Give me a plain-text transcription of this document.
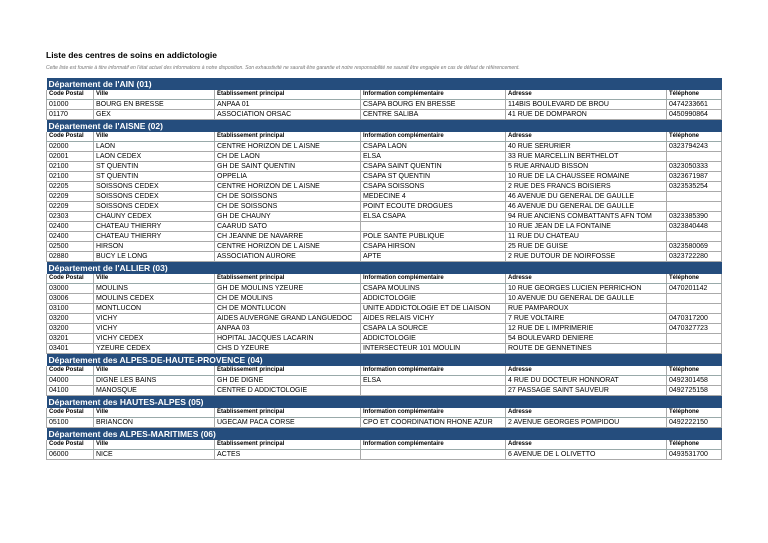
Liste des centres de soins en addictologie
Cette liste est fournie à titre informatif en l'état actuel des informations à notre disposition. Son exhaustivité ne saurait être garantie et notre responsabilité ne saurait être engagée en cas de défaut de référencement.
Département de l'AIN (01)					
Code Postal	Ville	Établissement principal	Information complémentaire	Adresse	Téléphone
01000	BOURG EN BRESSE	ANPAA 01	CSAPA BOURG EN BRESSE	114BIS BOULEVARD DE BROU	0474233661
01170	GEX	ASSOCIATION ORSAC	CENTRE SALIBA	41 RUE DE DOMPARON	0450990864
Département de l'AISNE (02)					
Code Postal	Ville	Établissement principal	Information complémentaire	Adresse	Téléphone
02000	LAON	CENTRE HORIZON DE L AISNE	CSAPA LAON	40 RUE SERURIER	0323794243
02001	LAON CEDEX	CH DE LAON	ELSA	33 RUE MARCELLIN BERTHELOT	
02100	ST QUENTIN	GH DE SAINT QUENTIN	CSAPA SAINT QUENTIN	5 RUE ARNAUD BISSON	0323050333
02100	ST QUENTIN	OPPELIA	CSAPA ST QUENTIN	10 RUE DE LA CHAUSSEE ROMAINE	0323671987
02205	SOISSONS CEDEX	CENTRE HORIZON DE L AISNE	CSAPA SOISSONS	2 RUE DES FRANCS BOISIERS	0323535254
02209	SOISSONS CEDEX	CH DE SOISSONS	MEDECINE 4	46 AVENUE DU GENERAL DE GAULLE	
02209	SOISSONS CEDEX	CH DE SOISSONS	POINT ECOUTE DROGUES	46 AVENUE DU GENERAL DE GAULLE	
02303	CHAUNY CEDEX	GH DE CHAUNY	ELSA CSAPA	94 RUE ANCIENS COMBATTANTS AFN TOM	0323385390
02400	CHATEAU THIERRY	CAARUD SATO		10 RUE JEAN DE LA FONTAINE	0323840448
02400	CHATEAU THIERRY	CH JEANNE DE NAVARRE	POLE SANTE PUBLIQUE	11 RUE DU CHATEAU	
02500	HIRSON	CENTRE HORIZON DE L AISNE	CSAPA HIRSON	25 RUE DE GUISE	0323580069
02880	BUCY LE LONG	ASSOCIATION AURORE	APTE	2 RUE DUTOUR DE NOIRFOSSE	0323722280
Département de l'ALLIER (03)					
Code Postal	Ville	Établissement principal	Information complémentaire	Adresse	Téléphone
03000	MOULINS	GH DE MOULINS YZEURE	CSAPA MOULINS	10 RUE GEORGES LUCIEN PERRICHON	0470201142
03006	MOULINS CEDEX	CH DE MOULINS	ADDICTOLOGIE	10 AVENUE DU GENERAL DE GAULLE	
03100	MONTLUCON	CH DE MONTLUCON	UNITE ADDICTOLOGIE ET DE LIAISON	RUE PAMPAROUX	
03200	VICHY	AIDES AUVERGNE GRAND LANGUEDOC	AIDES RELAIS VICHY	7 RUE VOLTAIRE	0470317200
03200	VICHY	ANPAA 03	CSAPA LA SOURCE	12 RUE DE L IMPRIMERIE	0470327723
03201	VICHY CEDEX	HOPITAL JACQUES LACARIN	ADDICTOLOGIE	54 BOULEVARD DENIERE	
03401	YZEURE CEDEX	CHS D YZEURE	INTERSECTEUR 101 MOULIN	ROUTE DE GENNETINES	
Département des ALPES-DE-HAUTE-PROVENCE (04)					
Code Postal	Ville	Établissement principal	Information complémentaire	Adresse	Téléphone
04000	DIGNE LES BAINS	GH DE DIGNE	ELSA	4 RUE DU DOCTEUR HONNORAT	0492301458
04100	MANOSQUE	CENTRE D ADDICTOLOGIE		27 PASSAGE SAINT SAUVEUR	0492725158
Département des HAUTES-ALPES (05)					
Code Postal	Ville	Établissement principal	Information complémentaire	Adresse	Téléphone
05100	BRIANCON	UGECAM PACA CORSE	CPO ET COORDINATION RHONE AZUR	2 AVENUE GEORGES POMPIDOU	0492222150
Département des ALPES-MARITIMES (06)					
Code Postal	Ville	Établissement principal	Information complémentaire	Adresse	Téléphone
06000	NICE	ACTES		6 AVENUE DE L OLIVETTO	0493531700
